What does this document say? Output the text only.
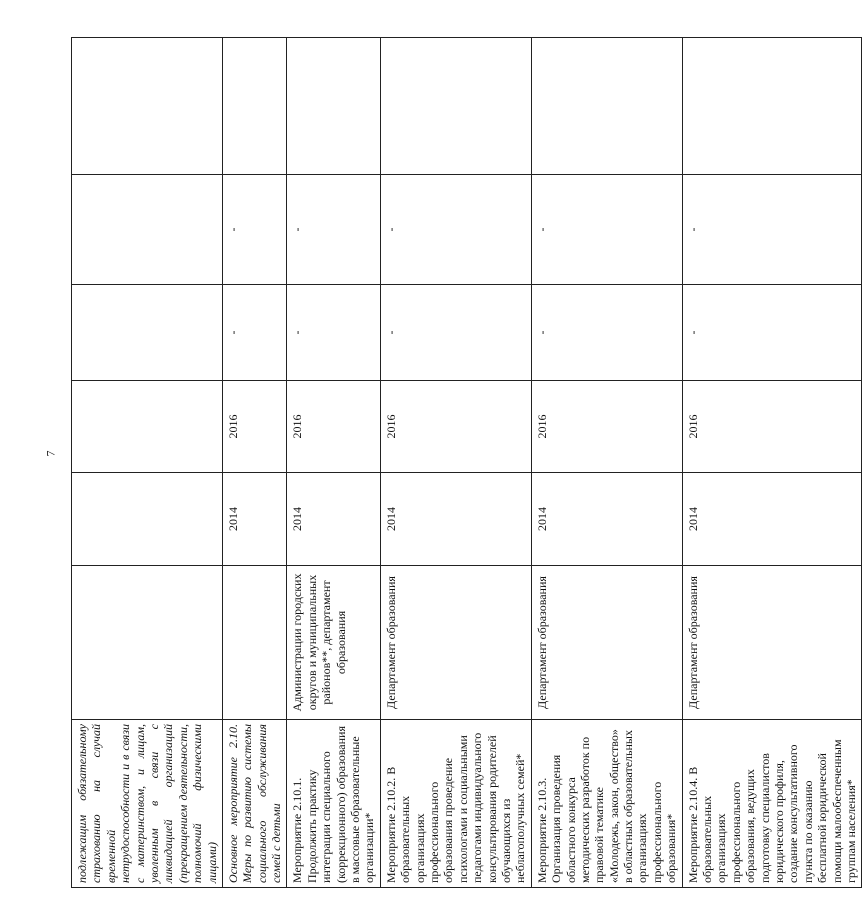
7
подлежащим обязательному страхованию на случай временной нетрудоспособности и в связи с материнством, и лицам, уволенным в связи с ликвидацией организаций (прекращением деятельности, полномочий физическими лицами)						
Основное мероприятие 2.10. Меры по развитию системы социального обслуживания семей с детьми		2014	2016	-	-	
Мероприятие 2.10.1. Продолжить практику интеграции специального (коррекционного) образования в массовые образовательные организации*	Администрации городских округов и муниципальных районов**, департамент образования	2014	2016	-	-	
Мероприятие 2.10.2. В образовательных организациях профессионального образования проведение психологами и социальными педагогами индивидуального консультирования родителей обучающихся из неблагополучных семей*	Департамент образования	2014	2016	-	-	
Мероприятие 2.10.3. Организация проведения областного конкурса методических разработок по правовой тематике «Молодежь, закон, общество» в областных образовательных организациях профессионального образования*	Департамент образования	2014	2016	-	-	
Мероприятие 2.10.4. В образовательных организациях профессионального образования, ведущих подготовку специалистов юридического профиля, создание консультативного пункта по оказанию бесплатной юридической помощи малообеспеченным группам населения*	Департамент образования	2014	2016	-	-	
